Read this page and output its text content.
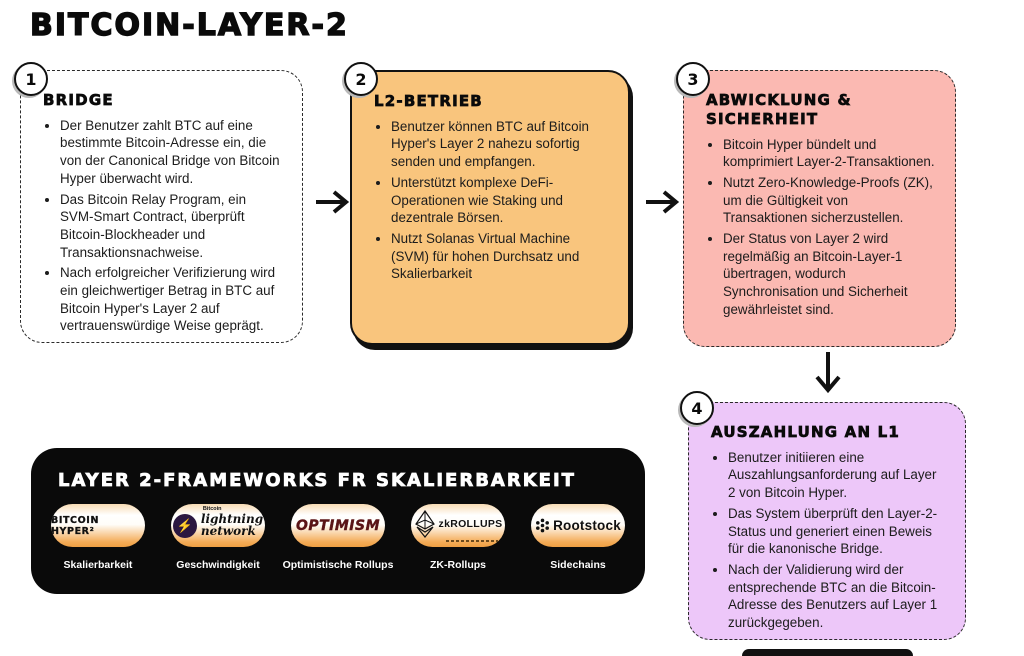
BITCOIN-LAYER-2
1
BRIDGE
• Der Benutzer zahlt BTC auf eine bestimmte Bitcoin-Adresse ein, die von der Canonical Bridge von Bitcoin Hyper überwacht wird.
• Das Bitcoin Relay Program, ein SVM-Smart Contract, überprüft Bitcoin-Blockheader und Transaktionsnachweise.
• Nach erfolgreicher Verifizierung wird ein gleichwertiger Betrag in BTC auf Bitcoin Hyper's Layer 2 auf vertrauenswürdige Weise geprägt.
2
L2-BETRIEB
• Benutzer können BTC auf Bitcoin Hyper's Layer 2 nahezu sofortig senden und empfangen.
• Unterstützt komplexe DeFi-Operationen wie Staking und dezentrale Börsen.
• Nutzt Solanas Virtual Machine (SVM) für hohen Durchsatz und Skalierbarkeit
3
ABWICKLUNG & SICHERHEIT
• Bitcoin Hyper bündelt und komprimiert Layer-2-Transaktionen.
• Nutzt Zero-Knowledge-Proofs (ZK), um die Gültigkeit von Transaktionen sicherzustellen.
• Der Status von Layer 2 wird regelmäßig an Bitcoin-Layer-1 übertragen, wodurch Synchronisation und Sicherheit gewährleistet sind.
4
AUSZAHLUNG AN L1
• Benutzer initiieren eine Auszahlungsanforderung auf Layer 2 von Bitcoin Hyper.
• Das System überprüft den Layer-2-Status und generiert einen Beweis für die kanonische Bridge.
• Nach der Validierung wird der entsprechende BTC an die Bitcoin-Adresse des Benutzers auf Layer 1 zurückgegeben.
LAYER 2-FRAMEWORKS FR SKALIERBARKEIT
BITCOIN HYPER²
Skalierbarkeit
Bitcoin
⚡ lightning
network
Geschwindigkeit
OPTIMISM
Optimistische Rollups
zkROLLUPS
ZK-Rollups
Rootstock
Sidechains
